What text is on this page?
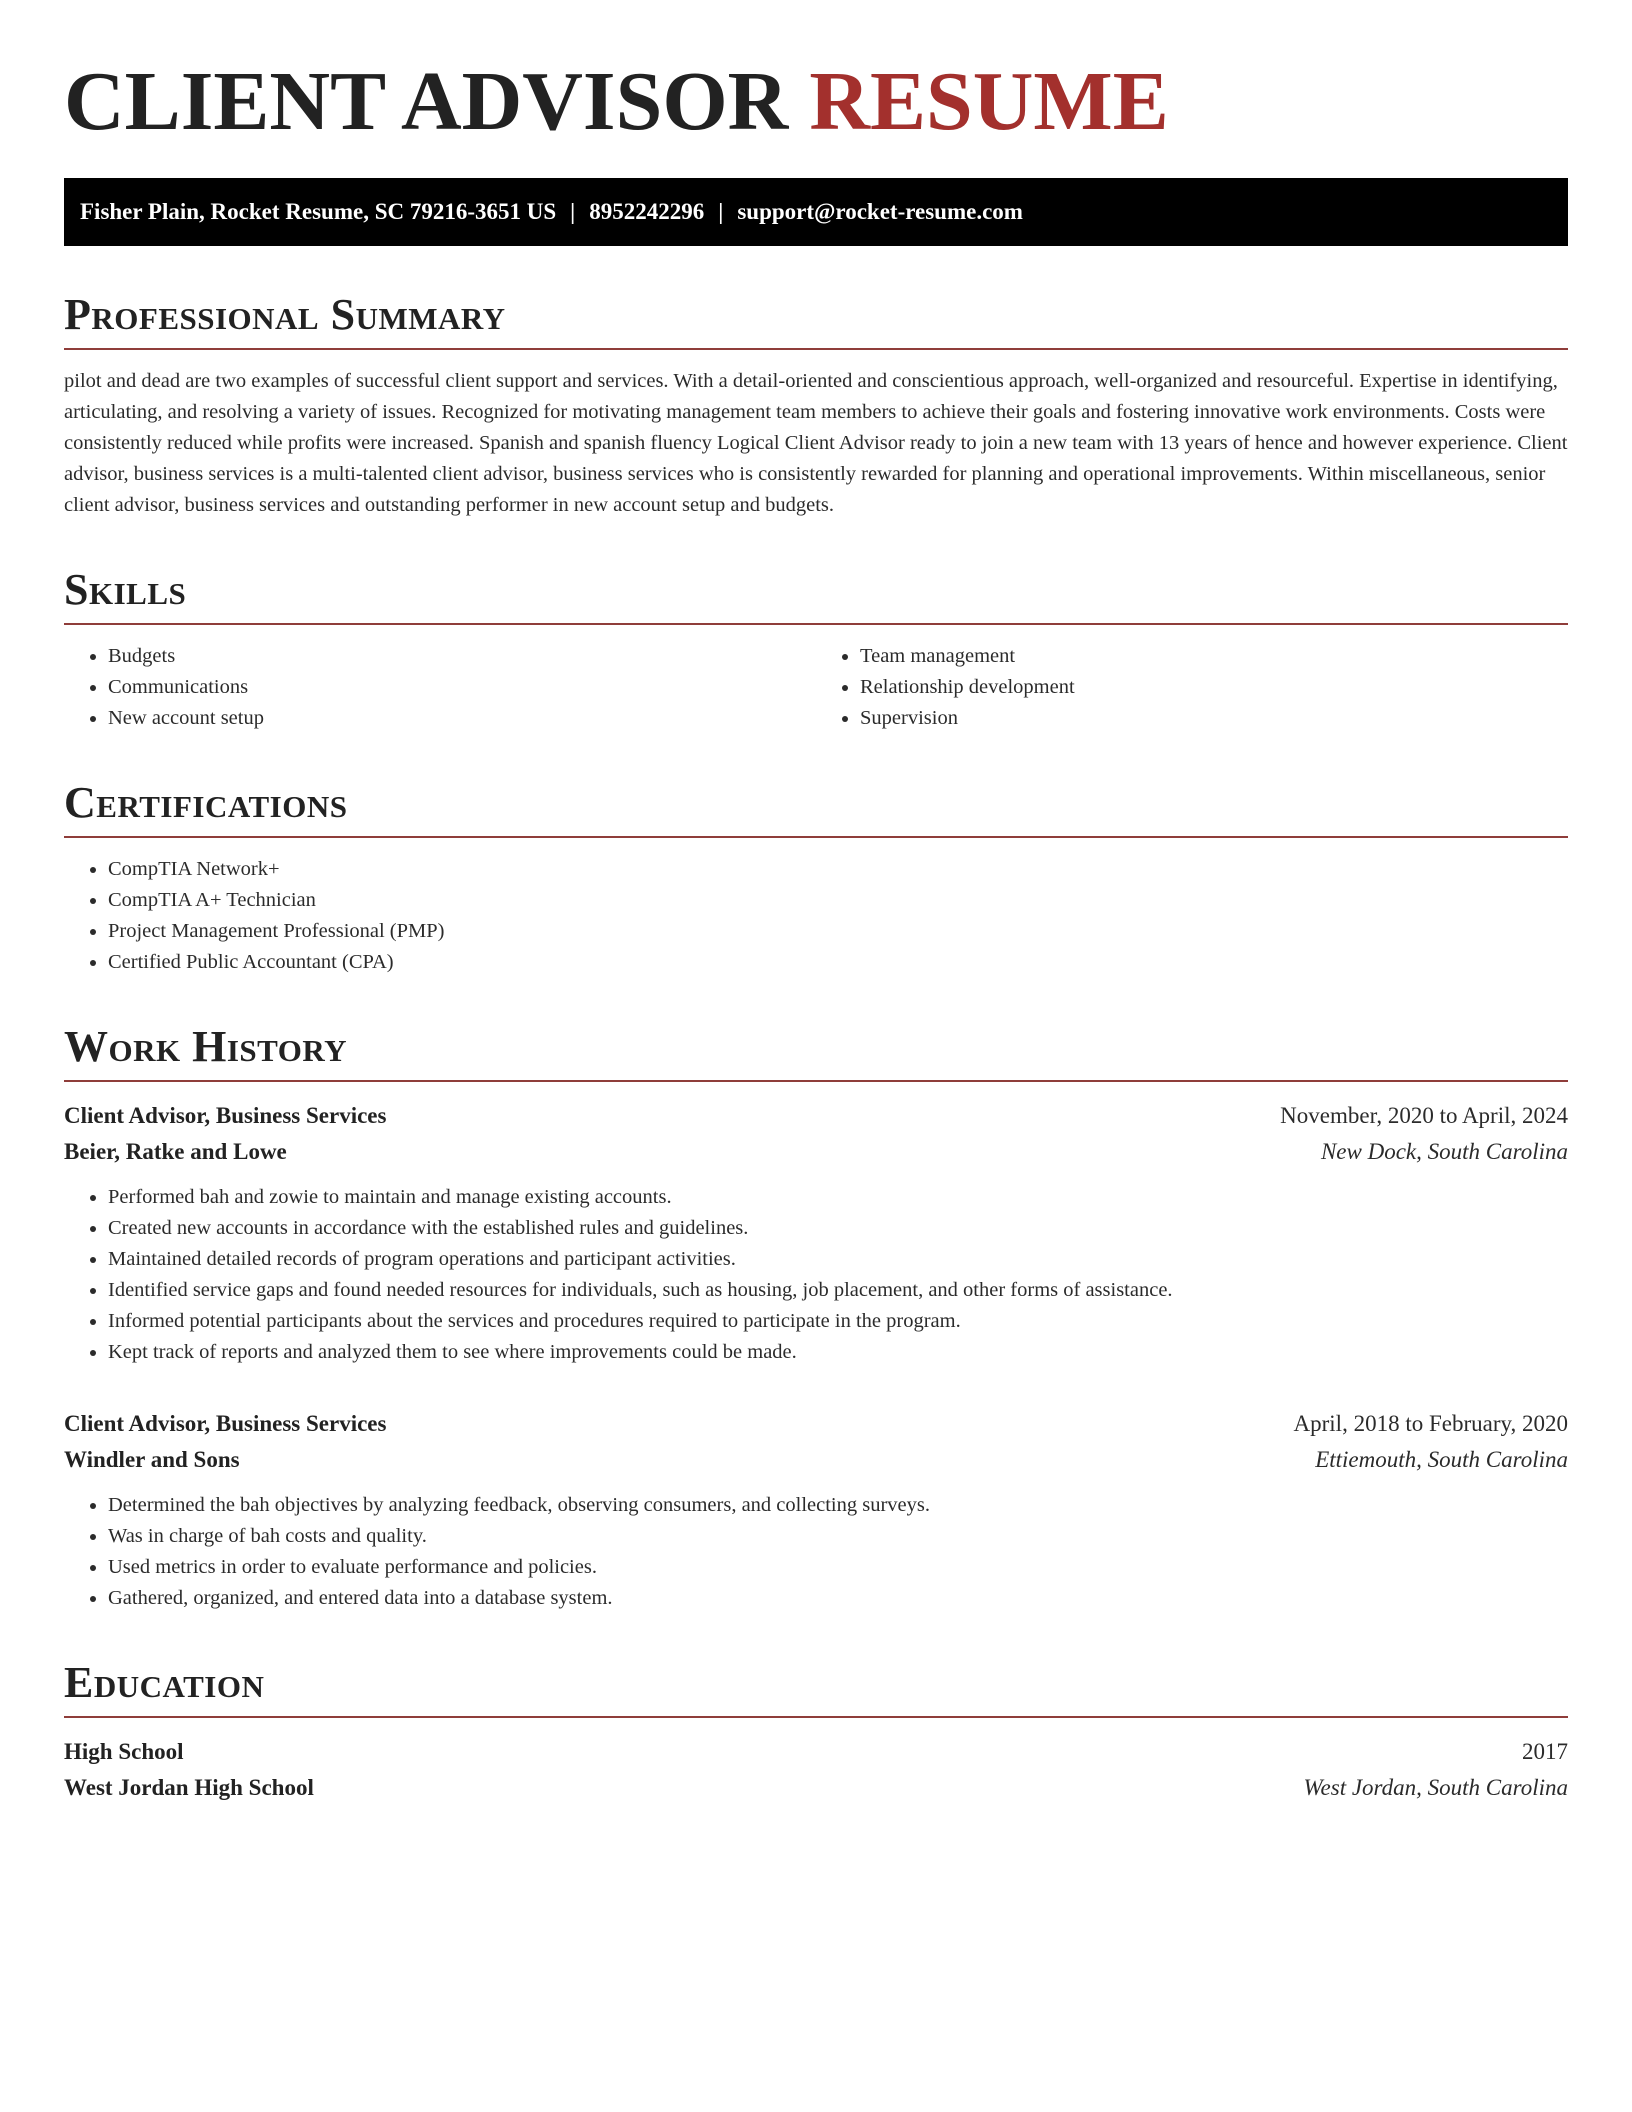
CLIENT ADVISOR RESUME
Fisher Plain, Rocket Resume, SC 79216-3651 US | 8952242296 | support@rocket-resume.com
Professional Summary

pilot and dead are two examples of successful client support and services. With a detail-oriented and conscientious approach, well-organized and resourceful. Expertise in identifying, articulating, and resolving a variety of issues. Recognized for motivating management team members to achieve their goals and fostering innovative work environments. Costs were consistently reduced while profits were increased. Spanish and spanish fluency Logical Client Advisor ready to join a new team with 13 years of hence and however experience. Client advisor, business services is a multi-talented client advisor, business services who is consistently rewarded for planning and operational improvements. Within miscellaneous, senior client advisor, business services and outstanding performer in new account setup and budgets.

Skills
• Budgets
• Communications
• New account setup
• Team management
• Relationship development
• Supervision
Certifications
• CompTIA Network+
• CompTIA A+ Technician
• Project Management Professional (PMP)
• Certified Public Accountant (CPA)
Work History
Client Advisor, Business Services	November, 2020 to April, 2024
Beier, Ratke and Lowe	New Dock, South Carolina
• Performed bah and zowie to maintain and manage existing accounts.
• Created new accounts in accordance with the established rules and guidelines.
• Maintained detailed records of program operations and participant activities.
• Identified service gaps and found needed resources for individuals, such as housing, job placement, and other forms of assistance.
• Informed potential participants about the services and procedures required to participate in the program.
• Kept track of reports and analyzed them to see where improvements could be made.
Client Advisor, Business Services	April, 2018 to February, 2020
Windler and Sons	Ettiemouth, South Carolina
• Determined the bah objectives by analyzing feedback, observing consumers, and collecting surveys.
• Was in charge of bah costs and quality.
• Used metrics in order to evaluate performance and policies.
• Gathered, organized, and entered data into a database system.
Education
High School	2017
West Jordan High School	West Jordan, South Carolina
